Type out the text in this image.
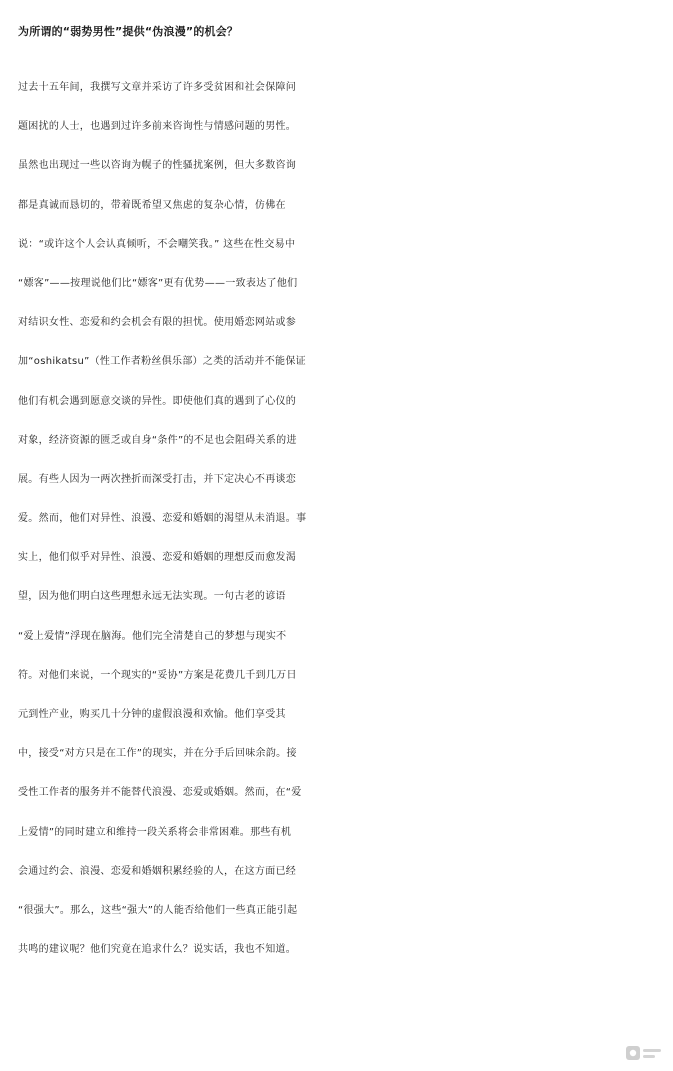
为所谓的“弱势男性”提供“伪浪漫”的机会？
过去十五年间，我撰写文章并采访了许多受贫困和社会保障问
题困扰的人士，也遇到过许多前来咨询性与情感问题的男性。
虽然也出现过一些以咨询为幌子的性骚扰案例，但大多数咨询
都是真诚而恳切的，带着既希望又焦虑的复杂心情，仿佛在
说：“或许这个人会认真倾听，不会嘲笑我。” 这些在性交易中
“嫖客”——按理说他们比“嫖客”更有优势——一致表达了他们
对结识女性、恋爱和约会机会有限的担忧。使用婚恋网站或参
加“oshikatsu”（性工作者粉丝俱乐部）之类的活动并不能保证
他们有机会遇到愿意交谈的异性。即使他们真的遇到了心仪的
对象，经济资源的匮乏或自身“条件”的不足也会阻碍关系的进
展。有些人因为一两次挫折而深受打击，并下定决心不再谈恋
爱。然而，他们对异性、浪漫、恋爱和婚姻的渴望从未消退。事
实上，他们似乎对异性、浪漫、恋爱和婚姻的理想反而愈发渴
望，因为他们明白这些理想永远无法实现。一句古老的谚语
“爱上爱情”浮现在脑海。他们完全清楚自己的梦想与现实不
符。对他们来说，一个现实的“妥协”方案是花费几千到几万日
元到性产业，购买几十分钟的虚假浪漫和欢愉。他们享受其
中，接受“对方只是在工作”的现实，并在分手后回味余韵。接
受性工作者的服务并不能替代浪漫、恋爱或婚姻。然而，在“爱
上爱情”的同时建立和维持一段关系将会非常困难。那些有机
会通过约会、浪漫、恋爱和婚姻积累经验的人，在这方面已经
“很强大”。那么，这些“强大”的人能否给他们一些真正能引起
共鸣的建议呢？他们究竟在追求什么？说实话，我也不知道。
